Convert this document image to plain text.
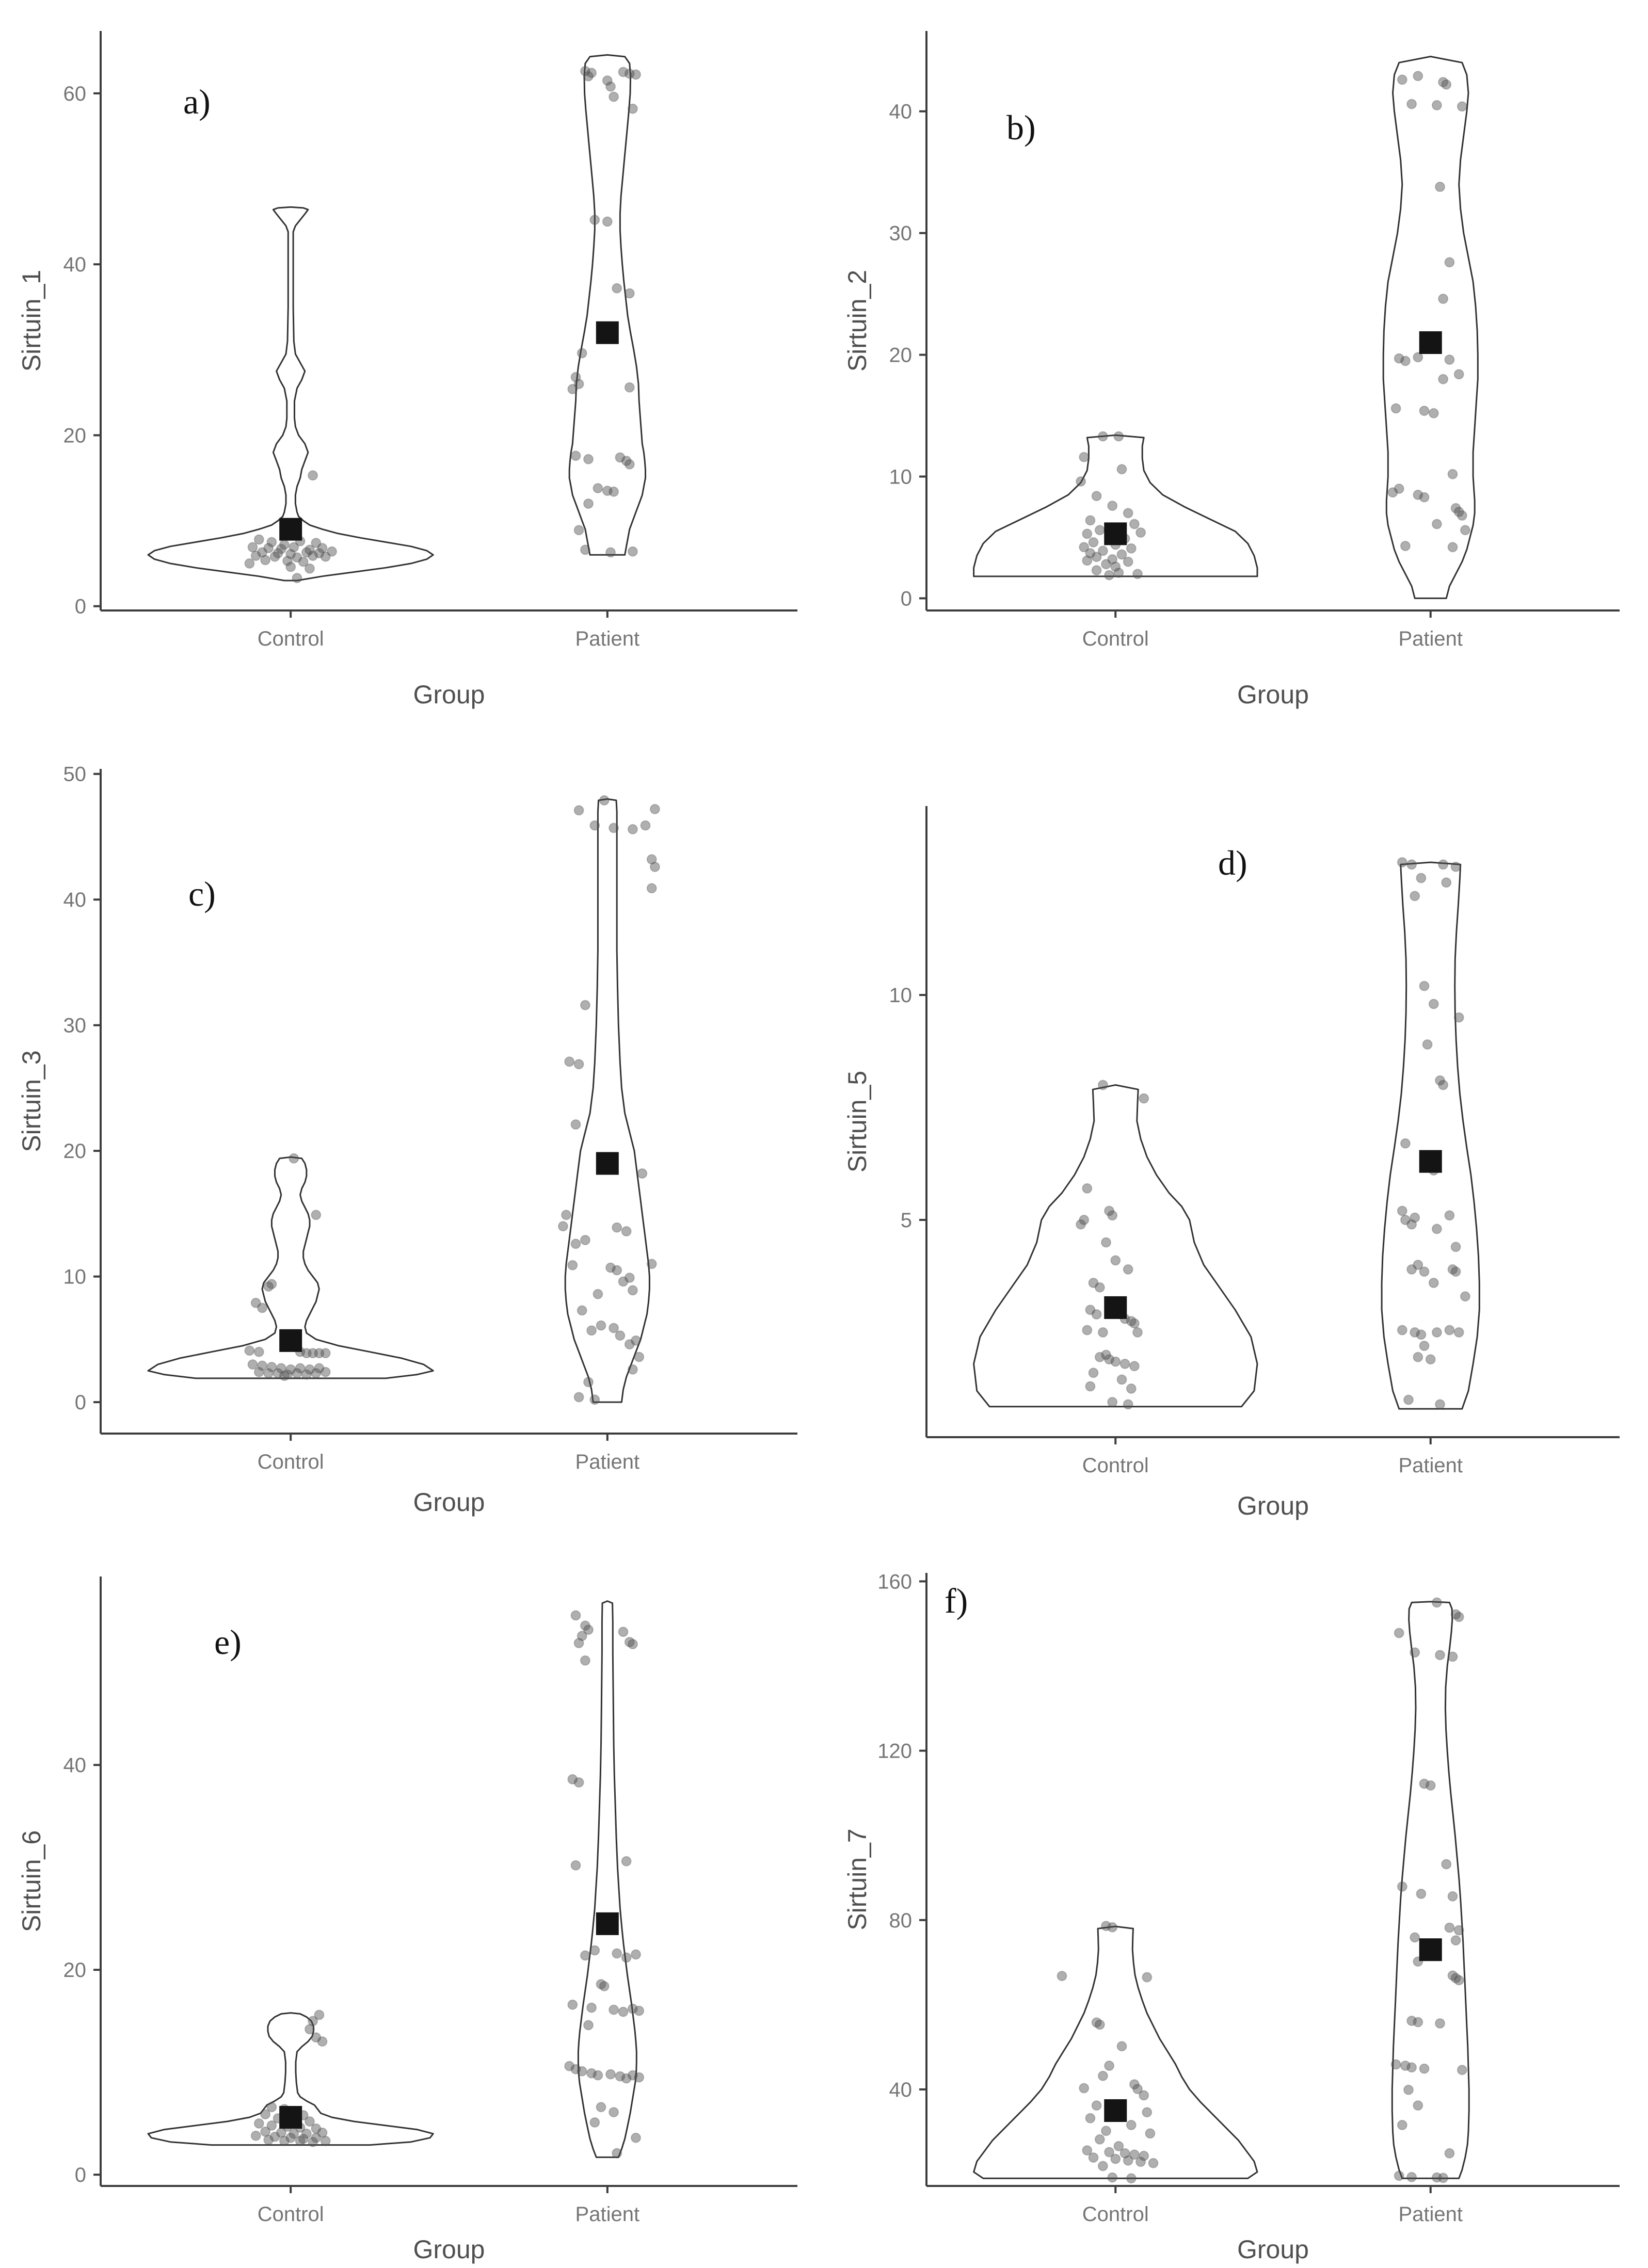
0
20
40
60
Control	Patient
Group
Sirtuin_1
a)
0
10
20
30
40
Control	Patient
Group
Sirtuin_2
b)
0
10
20
30
40
50
Control	Patient
Group
Sirtuin_3
c)
5
10
Control	Patient
Group
Sirtuin_5
d)
0
20
40
Control	Patient
Group
Sirtuin_6
e)
40
80
120
160
Control	Patient
Group
Sirtuin_7
f)
